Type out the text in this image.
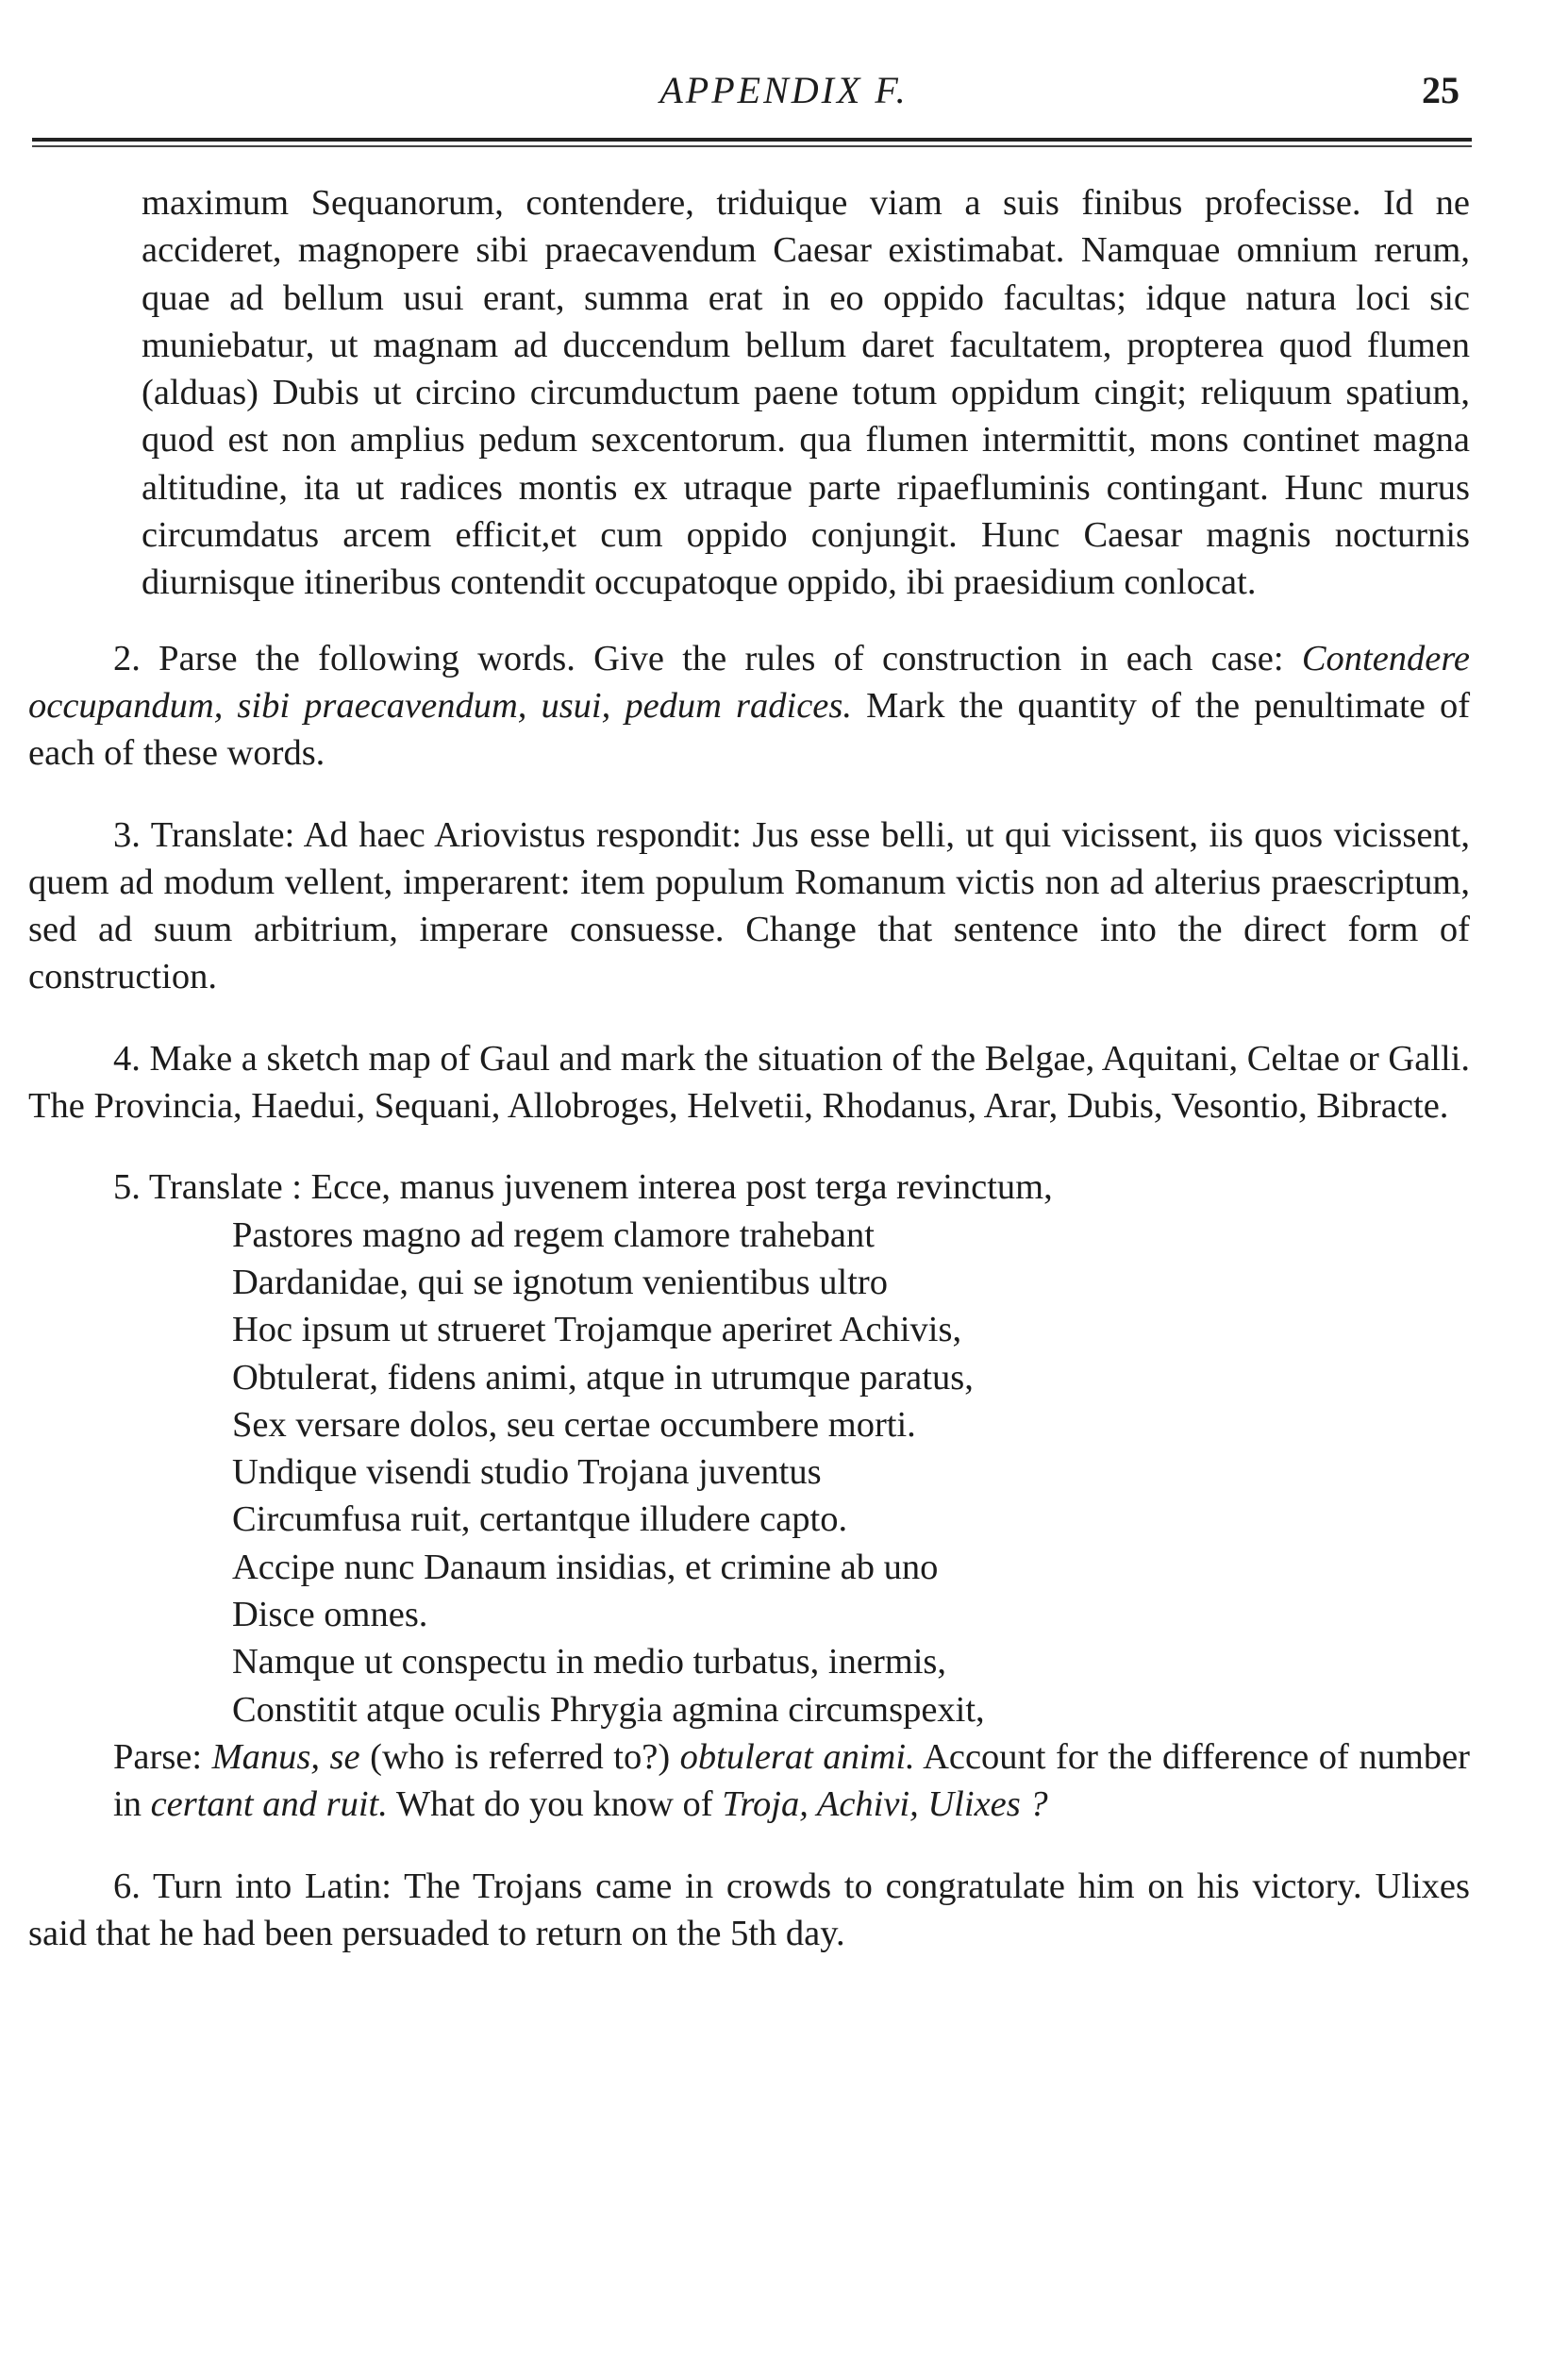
APPENDIX F.	25

maximum Sequanorum, contendere, triduique viam a suis finibus profecisse. Id ne accideret, magnopere sibi praecavendum Caesar existimabat. Namquae omnium rerum, quae ad bellum usui erant, summa erat in eo oppido facultas; idque natura loci sic muniebatur, ut magnam ad duccendum bellum daret facultatem, propterea quod flumen (alduas) Dubis ut circino circumductum paene totum oppidum cingit; reliquum spatium, quod est non amplius pedum sexcentorum. qua flumen intermittit, mons continet magna altitudine, ita ut radices montis ex utraque parte ripaefluminis contingant. Hunc murus circumdatus arcem efficit,et cum oppido conjungit. Hunc Caesar magnis nocturnis diurnisque itineribus contendit occupatoque oppido, ibi praesidium conlocat.

2. Parse the following words. Give the rules of construction in each case: Contendere occupandum, sibi praecavendum, usui, pedum radices. Mark the quantity of the penultimate of each of these words.

3. Translate: Ad haec Ariovistus respondit: Jus esse belli, ut qui vicissent, iis quos vicissent, quem ad modum vellent, imperarent: item populum Romanum victis non ad alterius praescriptum, sed ad suum arbitrium, imperare consuesse. Change that sentence into the direct form of construction.

4. Make a sketch map of Gaul and mark the situation of the Belgae, Aquitani, Celtae or Galli. The Provincia, Haedui, Sequani, Allobroges, Helvetii, Rhodanus, Arar, Dubis, Vesontio, Bibracte.

5. Translate : Ecce, manus juvenem interea post terga revinctum,

Pastores magno ad regem clamore trahebant
Dardanidae, qui se ignotum venientibus ultro
Hoc ipsum ut strueret Trojamque aperiret Achivis,
Obtulerat, fidens animi, atque in utrumque paratus,
Sex versare dolos, seu certae occumbere morti.
Undique visendi studio Trojana juventus
Circumfusa ruit, certantque illudere capto.
Accipe nunc Danaum insidias, et crimine ab uno
Disce omnes.
Namque ut conspectu in medio turbatus, inermis,
Constitit atque oculis Phrygia agmina circumspexit,

Parse: Manus, se (who is referred to?) obtulerat animi. Account for the difference of number in certant and ruit. What do you know of Troja, Achivi, Ulixes ?

6. Turn into Latin: The Trojans came in crowds to congratulate him on his victory. Ulixes said that he had been persuaded to return on the 5th day.
